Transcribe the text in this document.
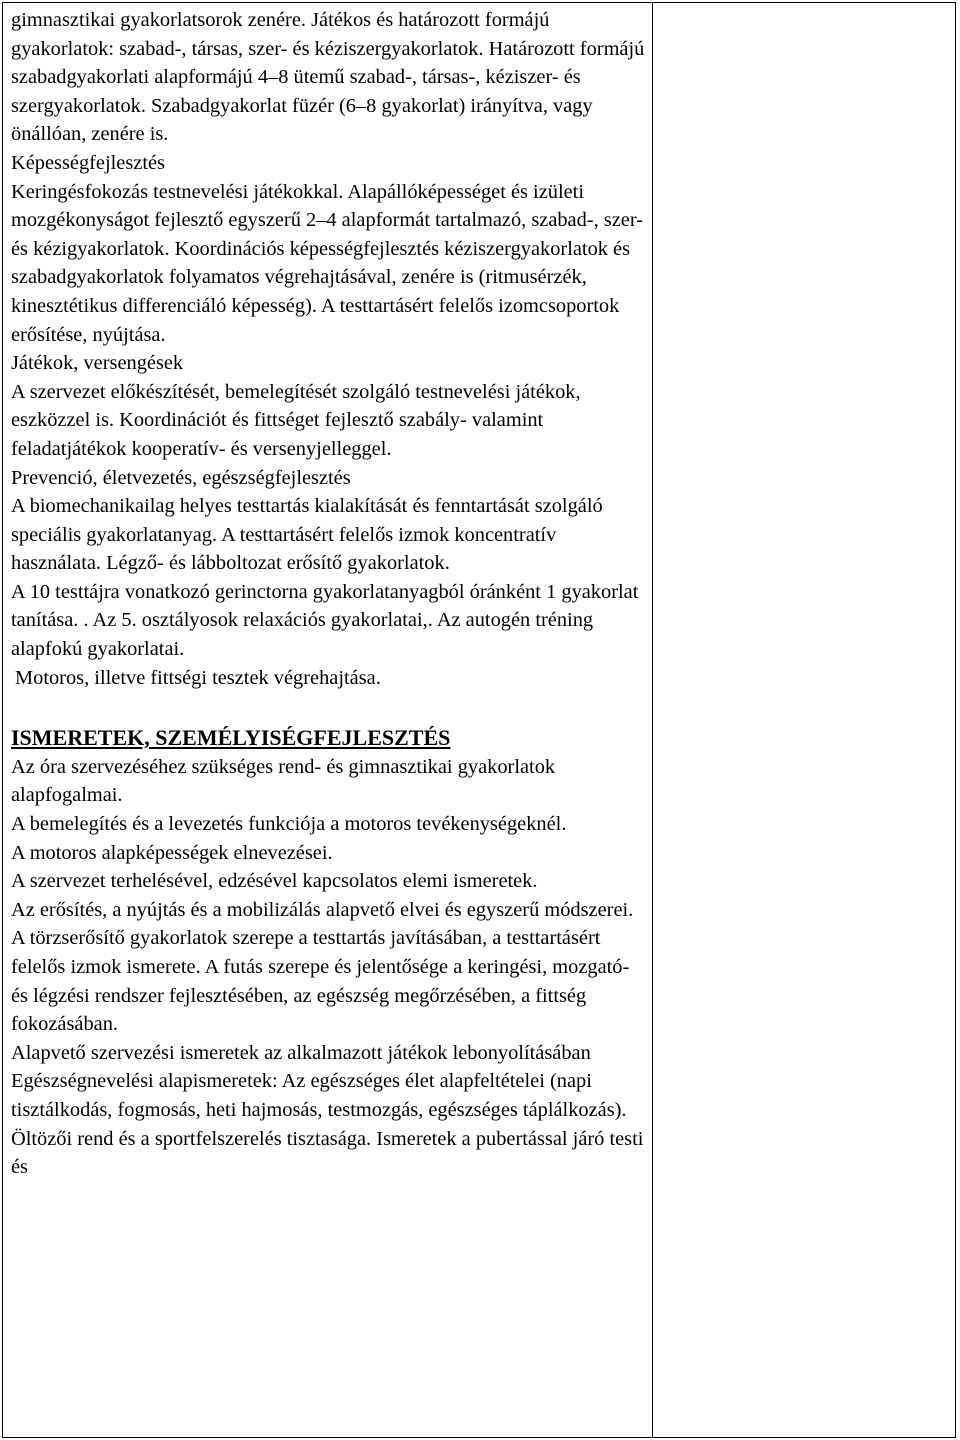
gimnasztikai gyakorlatsorok zenére. Játékos és határozott formájú gyakorlatok: szabad-, társas, szer- és kéziszergyakorlatok. Határozott formájú szabadgyakorlati alapformájú 4–8 ütemű szabad-, társas-, kéziszer- és szergyakorlatok. Szabadgyakorlat füzér (6–8 gyakorlat) irányítva, vagy önállóan, zenére is.

Képességfejlesztés

Keringésfokozás testnevelési játékokkal. Alapállóképességet és izületi mozgékonyságot fejlesztő egyszerű 2–4 alapformát tartalmazó, szabad-, szer- és kézigyakorlatok. Koordinációs képességfejlesztés kéziszergyakorlatok és szabadgyakorlatok folyamatos végrehajtásával, zenére is (ritmusérzék, kinesztétikus differenciáló képesség). A testtartásért felelős izomcsoportok erősítése, nyújtása.

Játékok, versengések

A szervezet előkészítését, bemelegítését szolgáló testnevelési játékok, eszközzel is. Koordinációt és fittséget fejlesztő szabály- valamint feladatjátékok kooperatív- és versenyjelleggel.

Prevenció, életvezetés, egészségfejlesztés

A biomechanikailag helyes testtartás kialakítását és fenntartását szolgáló speciális gyakorlatanyag. A testtartásért felelős izmok koncentratív használata. Légző- és lábboltozat erősítő gyakorlatok.

A 10 testtájra vonatkozó gerinctorna gyakorlatanyagból óránként 1 gyakorlat tanítása. . Az 5. osztályosok relaxációs gyakorlatai,. Az autogén tréning alapfokú gyakorlatai.

Motoros, illetve fittségi tesztek végrehajtása.

ISMERETEK, SZEMÉLYISÉGFEJLESZTÉS

Az óra szervezéséhez szükséges rend- és gimnasztikai gyakorlatok alapfogalmai.

A bemelegítés és a levezetés funkciója a motoros tevékenységeknél.

A motoros alapképességek elnevezései.

A szervezet terhelésével, edzésével kapcsolatos elemi ismeretek.

Az erősítés, a nyújtás és a mobilizálás alapvető elvei és egyszerű módszerei.

A törzserősítő gyakorlatok szerepe a testtartás javításában, a testtartásért felelős izmok ismerete. A futás szerepe és jelentősége a keringési, mozgató- és légzési rendszer fejlesztésében, az egészség megőrzésében, a fittség fokozásában.

Alapvető szervezési ismeretek az alkalmazott játékok lebonyolításában

Egészségnevelési alapismeretek: Az egészséges élet alapfeltételei (napi tisztálkodás, fogmosás, heti hajmosás, testmozgás, egészséges táplálkozás). Öltözői rend és a sportfelszerelés tisztasága. Ismeretek a pubertással járó testi és
